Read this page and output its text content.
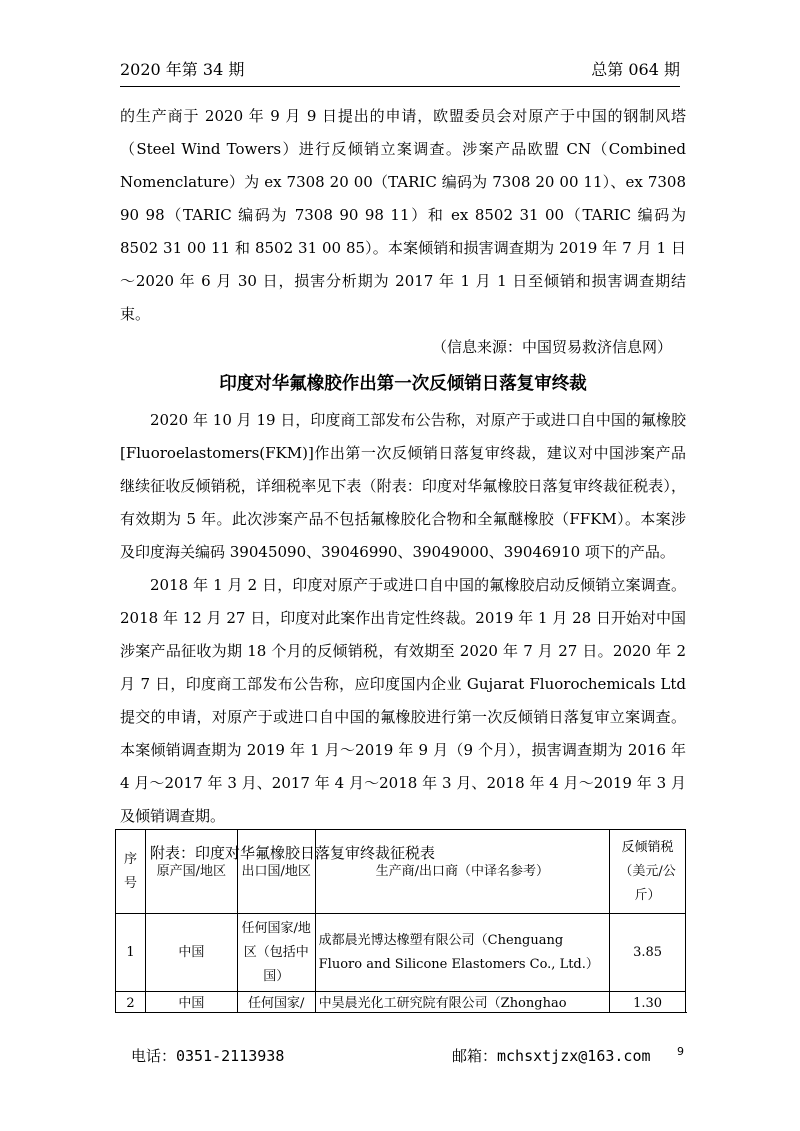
2020 年第 34 期	总第 064 期

的生产商于 2020 年 9 月 9 日提出的申请，欧盟委员会对原产于中国的钢制风塔（Steel Wind Towers）进行反倾销立案调查。涉案产品欧盟 CN（Combined Nomenclature）为 ex 7308 20 00（TARIC 编码为 7308 20 00 11）、ex 7308 90 98（TARIC 编码为 7308 90 98 11）和 ex 8502 31 00（TARIC 编码为 8502 31 00 11 和 8502 31 00 85）。本案倾销和损害调查期为 2019 年 7 月 1 日～2020 年 6 月 30 日，损害分析期为 2017 年 1 月 1 日至倾销和损害调查期结束。

（信息来源：中国贸易救济信息网）

印度对华氟橡胶作出第一次反倾销日落复审终裁

2020 年 10 月 19 日，印度商工部发布公告称，对原产于或进口自中国的氟橡胶[Fluoroelastomers(FKM)]作出第一次反倾销日落复审终裁，建议对中国涉案产品继续征收反倾销税，详细税率见下表（附表：印度对华氟橡胶日落复审终裁征税表），有效期为 5 年。此次涉案产品不包括氟橡胶化合物和全氟醚橡胶（FFKM）。本案涉及印度海关编码 39045090、39046990、39049000、39046910 项下的产品。

2018 年 1 月 2 日，印度对原产于或进口自中国的氟橡胶启动反倾销立案调查。2018 年 12 月 27 日，印度对此案作出肯定性终裁。2019 年 1 月 28 日开始对中国涉案产品征收为期 18 个月的反倾销税，有效期至 2020 年 7 月 27 日。2020 年 2 月 7 日，印度商工部发布公告称，应印度国内企业 Gujarat Fluorochemicals Ltd 提交的申请，对原产于或进口自中国的氟橡胶进行第一次反倾销日落复审立案调查。本案倾销调查期为 2019 年 1 月～2019 年 9 月（9 个月），损害调查期为 2016 年 4 月～2017 年 3 月、2017 年 4 月～2018 年 3 月、2018 年 4 月～2019 年 3 月及倾销调查期。

附表：印度对华氟橡胶日落复审终裁征税表

序号	原产国/地区	出口国/地区	生产商/出口商（中译名参考）	反倾销税（美元/公斤）
1	中国	任何国家/地区（包括中国）	成都晨光博达橡塑有限公司（Chenguang Fluoro and Silicone Elastomers Co., Ltd.）	3.85
2	中国	任何国家/	中昊晨光化工研究院有限公司（Zhonghao	1.30
电话：0351-2113938	邮箱：mchsxtjzx@163.com 9
